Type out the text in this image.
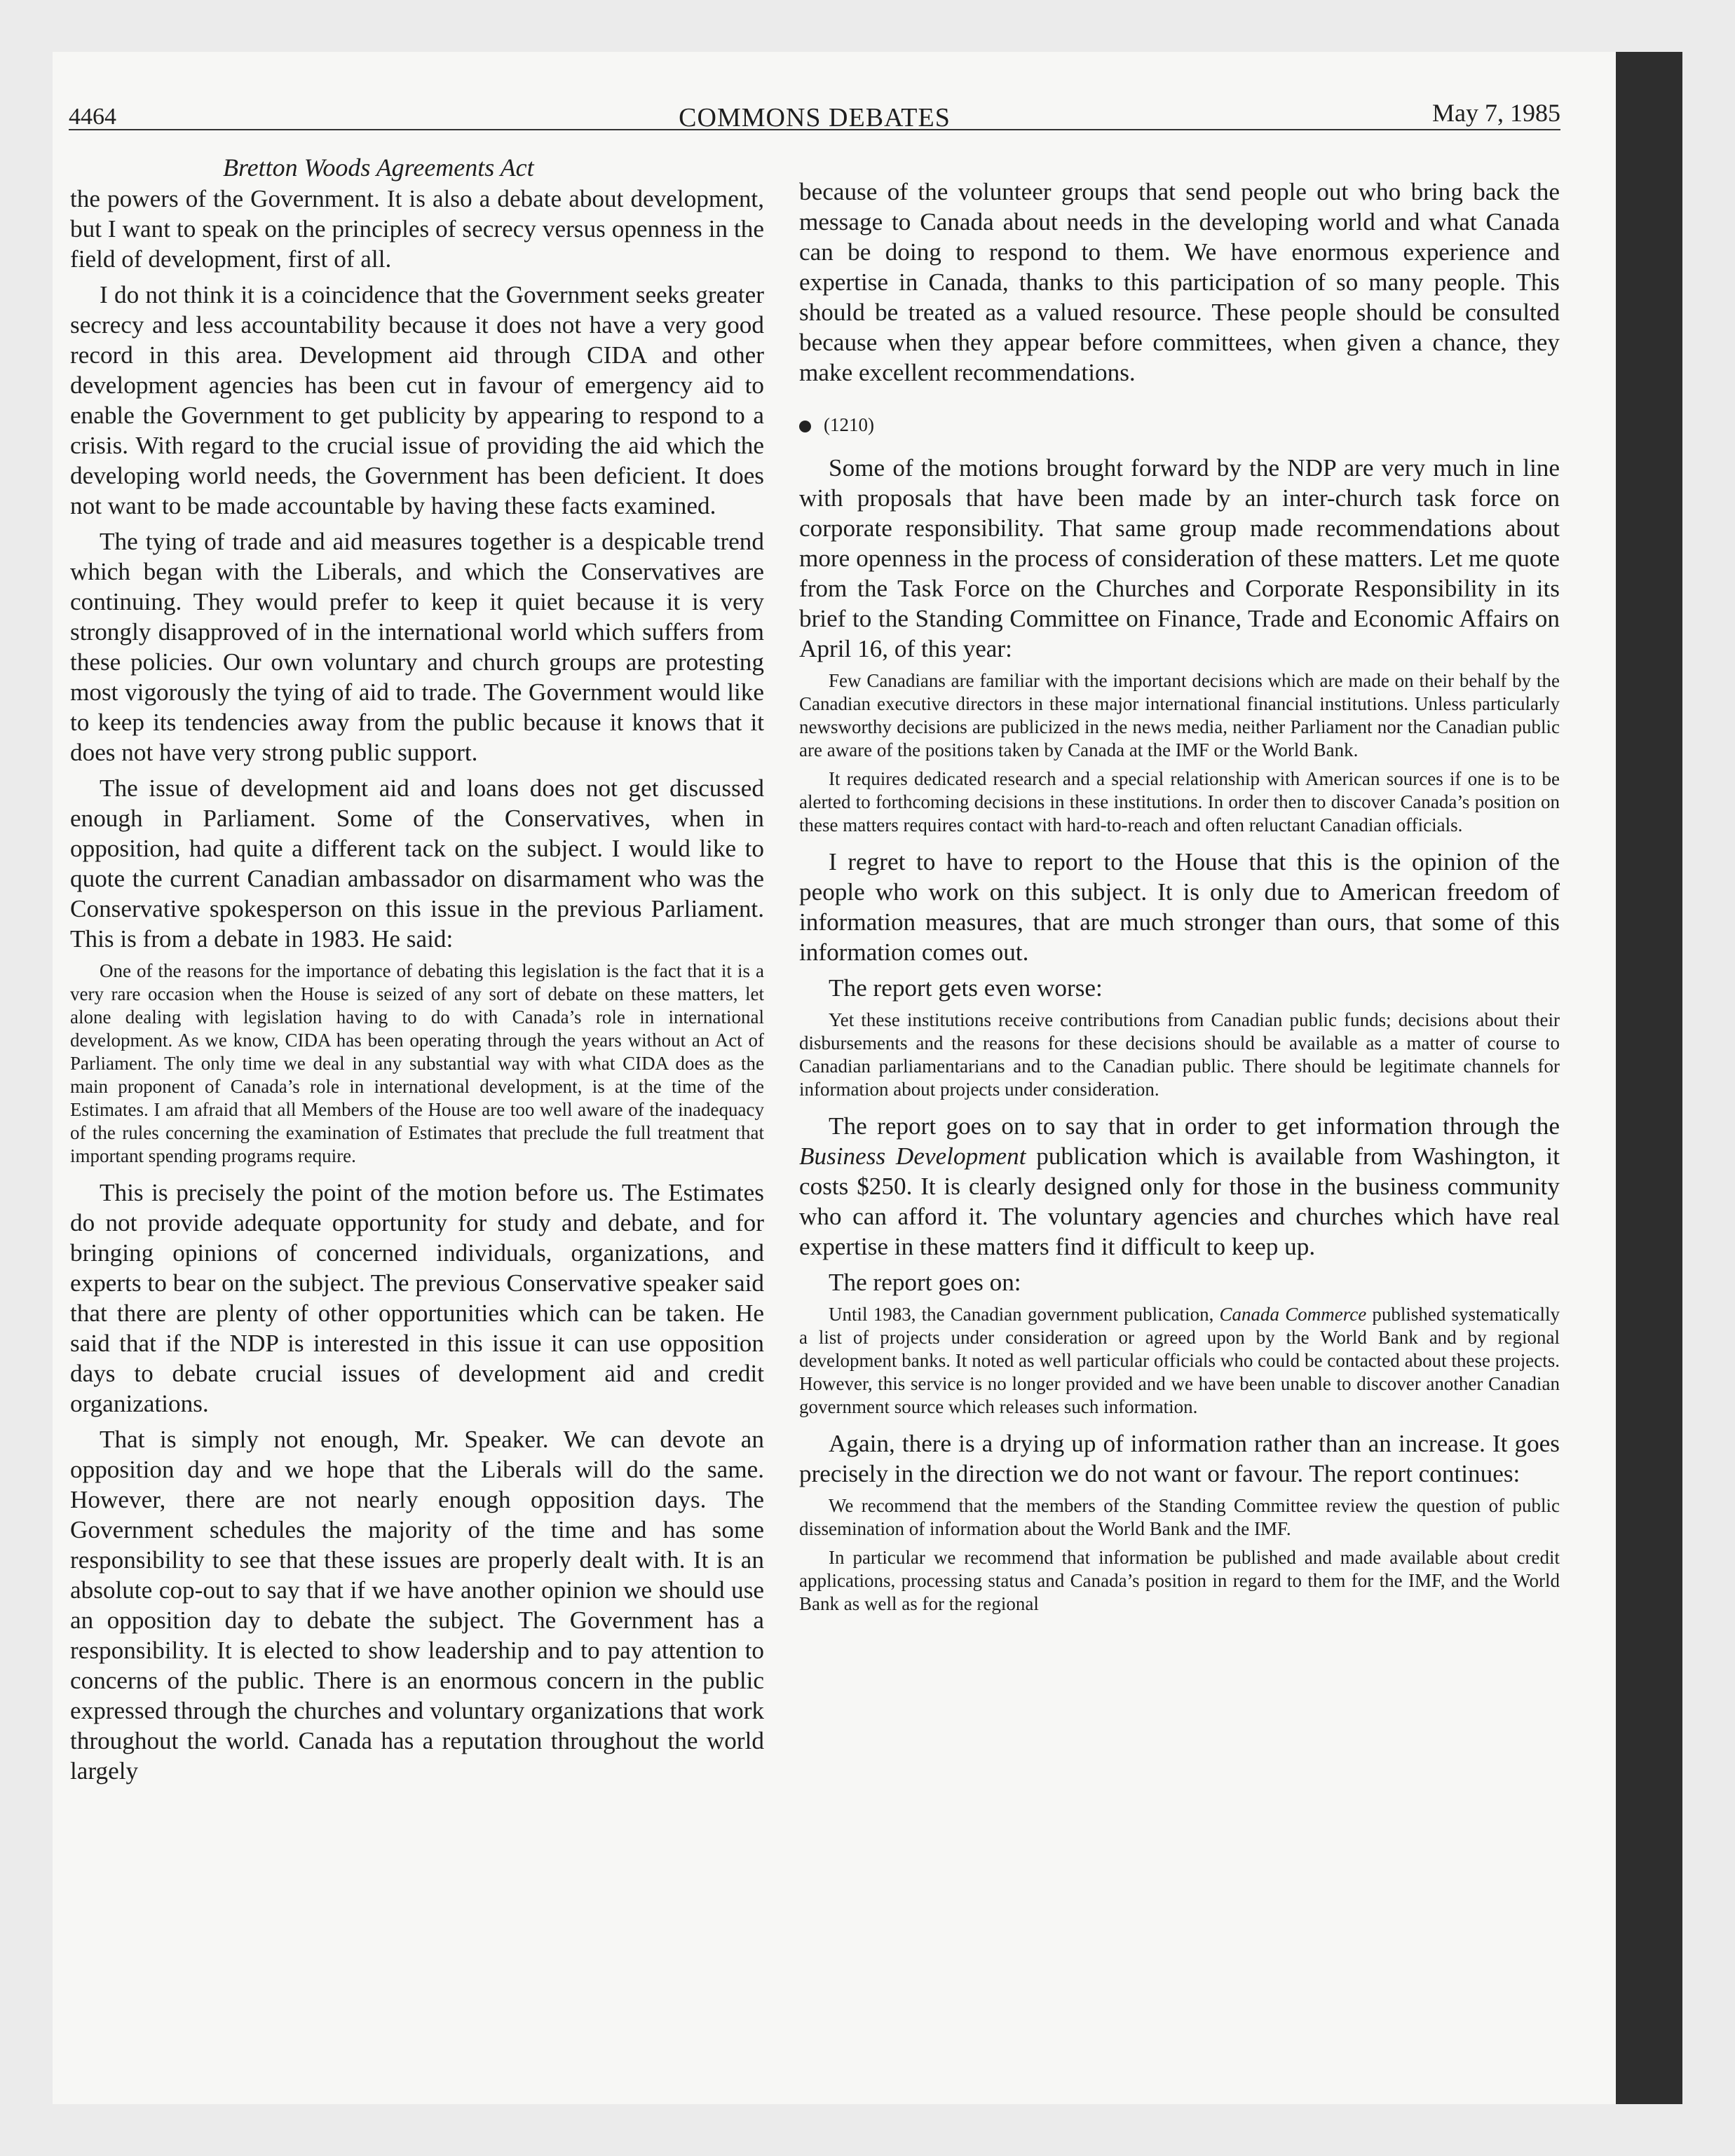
4464	COMMONS DEBATES	May 7, 1985
Bretton Woods Agreements Act

the powers of the Government. It is also a debate about development, but I want to speak on the principles of secrecy versus openness in the field of development, first of all.

I do not think it is a coincidence that the Government seeks greater secrecy and less accountability because it does not have a very good record in this area. Development aid through CIDA and other development agencies has been cut in favour of emergency aid to enable the Government to get publicity by appearing to respond to a crisis. With regard to the crucial issue of providing the aid which the developing world needs, the Government has been deficient. It does not want to be made accountable by having these facts examined.

The tying of trade and aid measures together is a despicable trend which began with the Liberals, and which the Conservatives are continuing. They would prefer to keep it quiet because it is very strongly disapproved of in the international world which suffers from these policies. Our own voluntary and church groups are protesting most vigorously the tying of aid to trade. The Government would like to keep its tendencies away from the public because it knows that it does not have very strong public support.

The issue of development aid and loans does not get discussed enough in Parliament. Some of the Conservatives, when in opposition, had quite a different tack on the subject. I would like to quote the current Canadian ambassador on disarmament who was the Conservative spokesperson on this issue in the previous Parliament. This is from a debate in 1983. He said:

One of the reasons for the importance of debating this legislation is the fact that it is a very rare occasion when the House is seized of any sort of debate on these matters, let alone dealing with legislation having to do with Canada’s role in international development. As we know, CIDA has been operating through the years without an Act of Parliament. The only time we deal in any substantial way with what CIDA does as the main proponent of Canada’s role in international development, is at the time of the Estimates. I am afraid that all Members of the House are too well aware of the inadequacy of the rules concerning the examination of Estimates that preclude the full treatment that important spending programs require.

This is precisely the point of the motion before us. The Estimates do not provide adequate opportunity for study and debate, and for bringing opinions of concerned individuals, organizations, and experts to bear on the subject. The previous Conservative speaker said that there are plenty of other opportunities which can be taken. He said that if the NDP is interested in this issue it can use opposition days to debate crucial issues of development aid and credit organizations.

That is simply not enough, Mr. Speaker. We can devote an opposition day and we hope that the Liberals will do the same. However, there are not nearly enough opposition days. The Government schedules the majority of the time and has some responsibility to see that these issues are properly dealt with. It is an absolute cop-out to say that if we have another opinion we should use an opposition day to debate the subject. The Government has a responsibility. It is elected to show leadership and to pay attention to concerns of the public. There is an enormous concern in the public expressed through the churches and voluntary organizations that work throughout the world. Canada has a reputation throughout the world largely

because of the volunteer groups that send people out who bring back the message to Canada about needs in the developing world and what Canada can be doing to respond to them. We have enormous experience and expertise in Canada, thanks to this participation of so many people. This should be treated as a valued resource. These people should be consulted because when they appear before committees, when given a chance, they make excellent recommendations.

(1210)

Some of the motions brought forward by the NDP are very much in line with proposals that have been made by an inter-church task force on corporate responsibility. That same group made recommendations about more openness in the process of consideration of these matters. Let me quote from the Task Force on the Churches and Corporate Responsibility in its brief to the Standing Committee on Finance, Trade and Economic Affairs on April 16, of this year:

Few Canadians are familiar with the important decisions which are made on their behalf by the Canadian executive directors in these major international financial institutions. Unless particularly newsworthy decisions are publicized in the news media, neither Parliament nor the Canadian public are aware of the positions taken by Canada at the IMF or the World Bank.

It requires dedicated research and a special relationship with American sources if one is to be alerted to forthcoming decisions in these institutions. In order then to discover Canada’s position on these matters requires contact with hard-to-reach and often reluctant Canadian officials.

I regret to have to report to the House that this is the opinion of the people who work on this subject. It is only due to American freedom of information measures, that are much stronger than ours, that some of this information comes out.

The report gets even worse:

Yet these institutions receive contributions from Canadian public funds; decisions about their disbursements and the reasons for these decisions should be available as a matter of course to Canadian parliamentarians and to the Canadian public. There should be legitimate channels for information about projects under consideration.

The report goes on to say that in order to get information through the Business Development publication which is available from Washington, it costs $250. It is clearly designed only for those in the business community who can afford it. The voluntary agencies and churches which have real expertise in these matters find it difficult to keep up.

The report goes on:

Until 1983, the Canadian government publication, Canada Commerce published systematically a list of projects under consideration or agreed upon by the World Bank and by regional development banks. It noted as well particular officials who could be contacted about these projects. However, this service is no longer provided and we have been unable to discover another Canadian government source which releases such information.

Again, there is a drying up of information rather than an increase. It goes precisely in the direction we do not want or favour. The report continues:

We recommend that the members of the Standing Committee review the question of public dissemination of information about the World Bank and the IMF.

In particular we recommend that information be published and made available about credit applications, processing status and Canada’s position in regard to them for the IMF, and the World Bank as well as for the regional
